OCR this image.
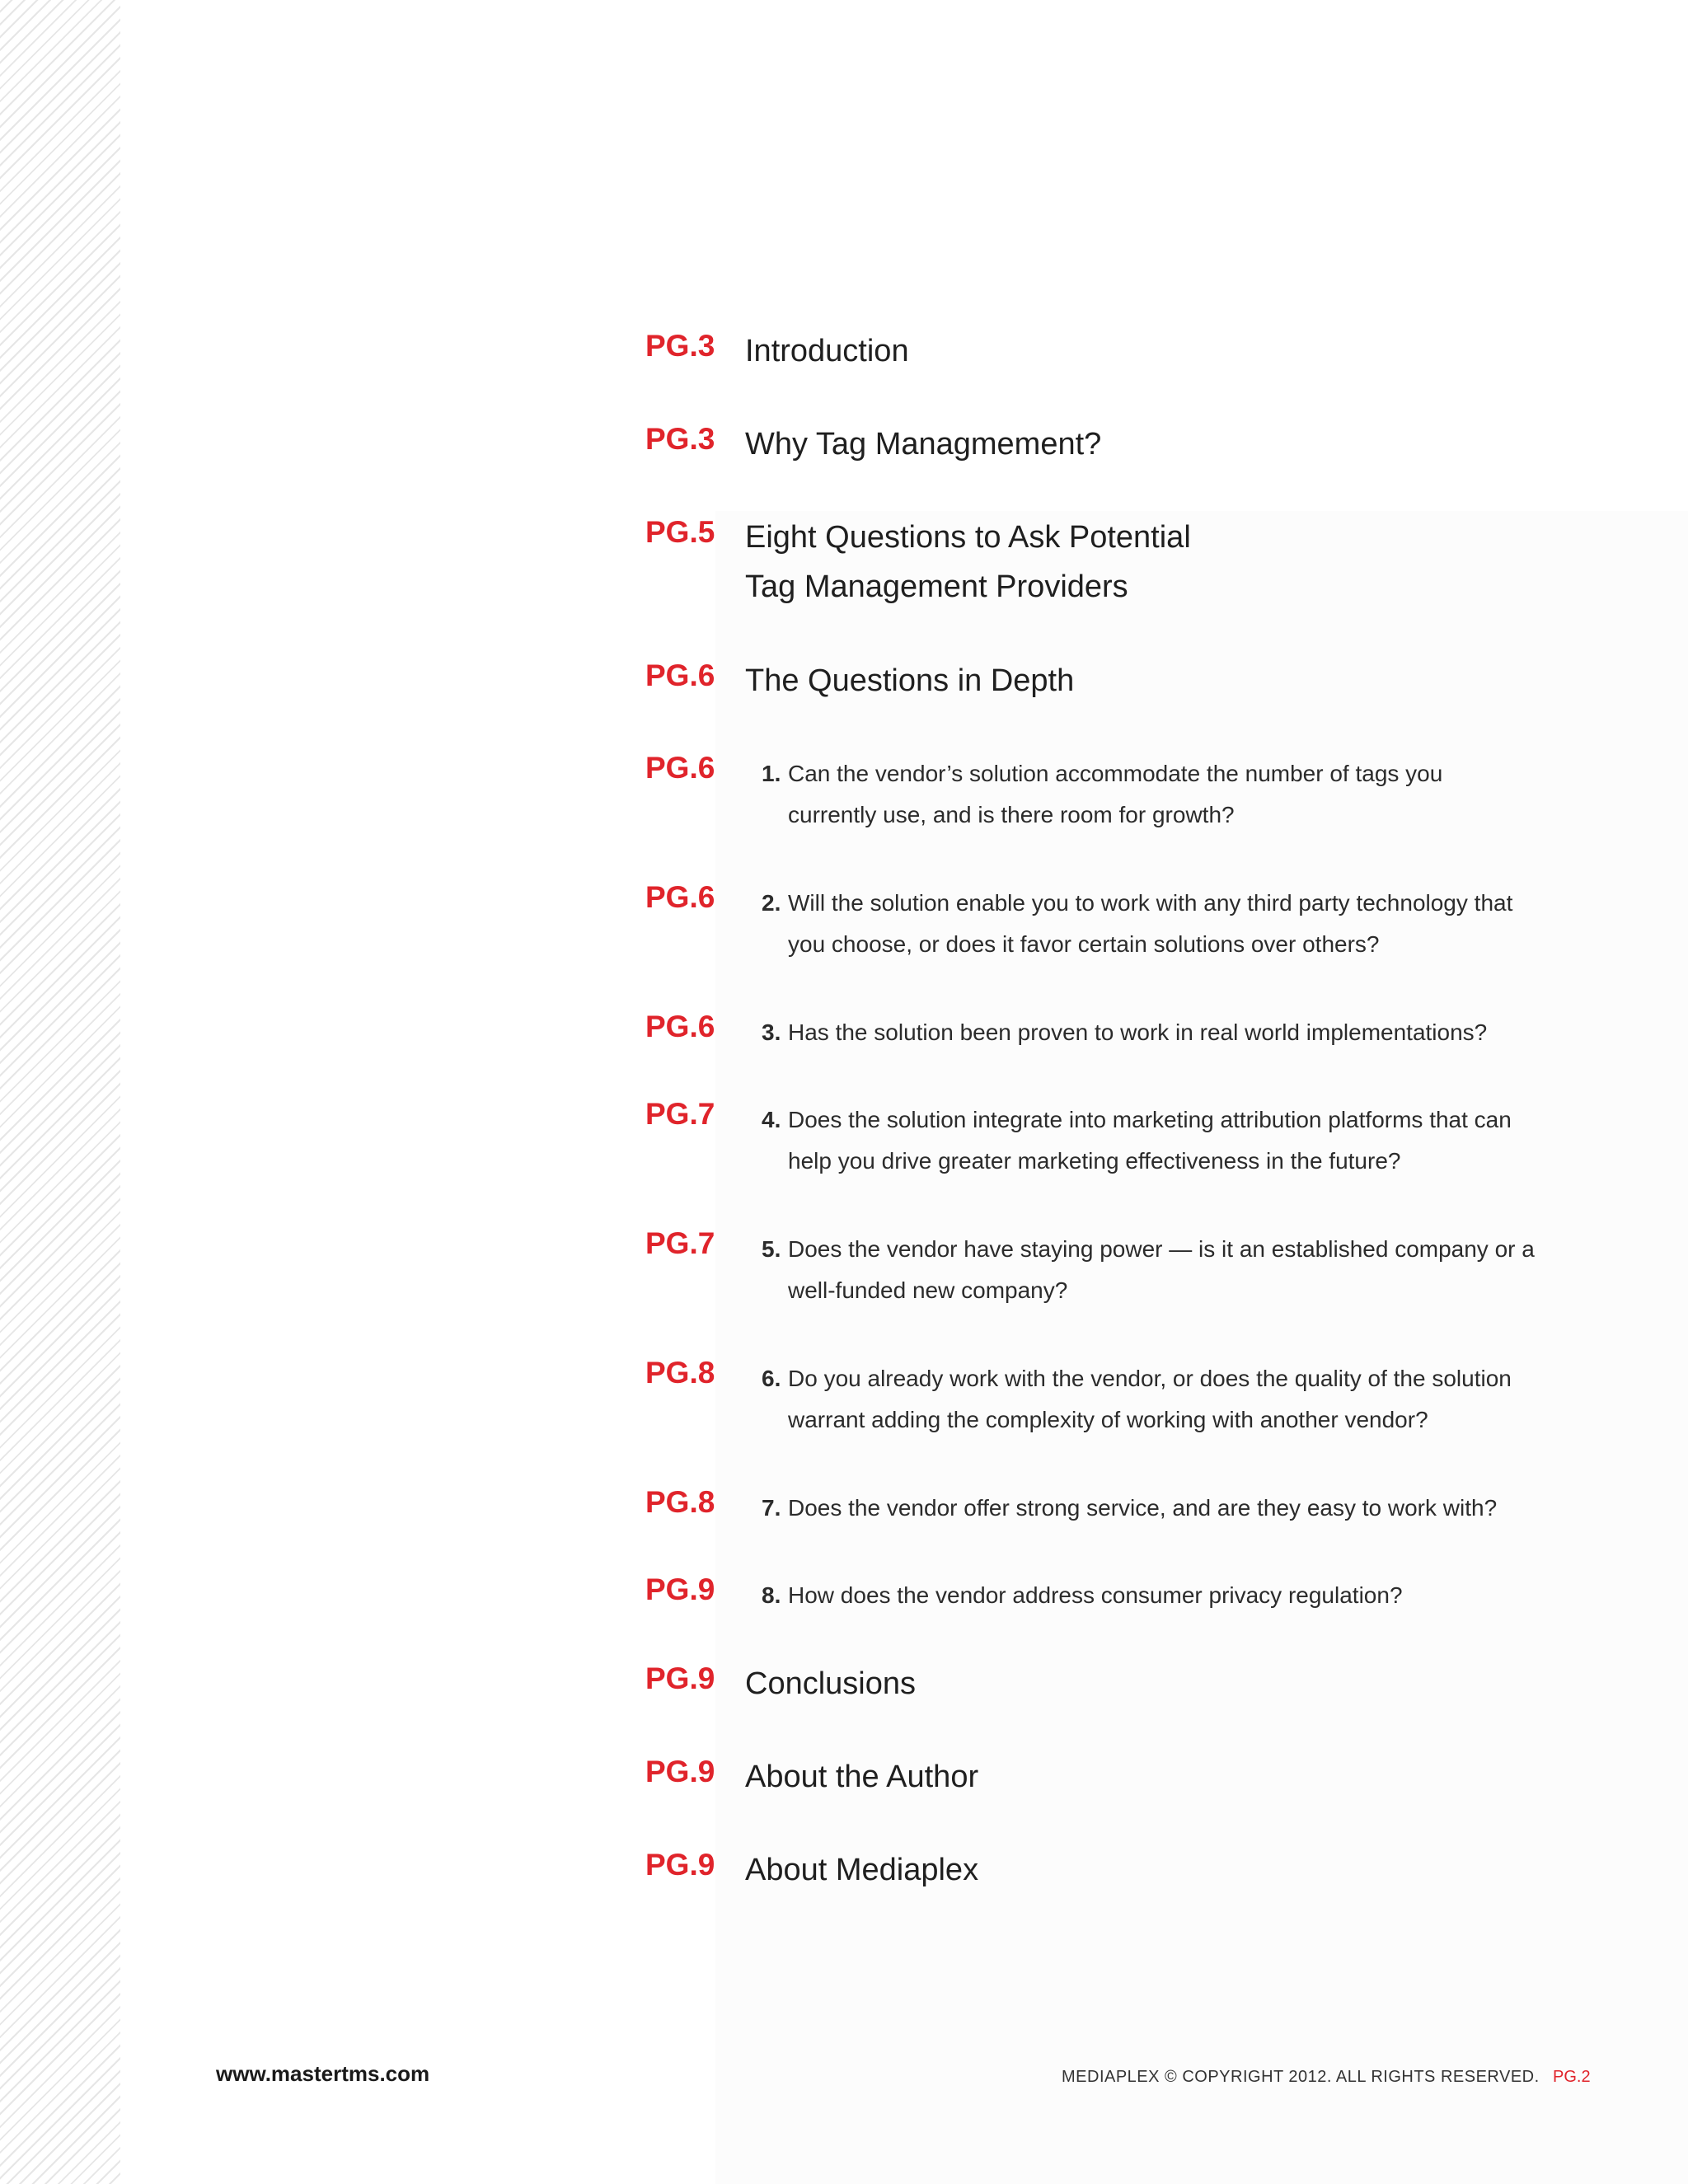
PG.3 Introduction
PG.3 Why Tag Managmement?
PG.5 Eight Questions to Ask Potential
Tag Management Providers
PG.6 The Questions in Depth
PG.6	1. Can the vendor’s solution accommodate the number of tags you currently use, and is there room for growth?
PG.6	2. Will the solution enable you to work with any third party technology that you choose, or does it favor certain solutions over others?
PG.6	3. Has the solution been proven to work in real world implementations?
PG.7	4. Does the solution integrate into marketing attribution platforms that can help you drive greater marketing effectiveness in the future?
PG.7	5. Does the vendor have staying power — is it an established company or a well-funded new company?
PG.8	6. Do you already work with the vendor, or does the quality of the solution warrant adding the complexity of working with another vendor?
PG.8	7. Does the vendor offer strong service, and are they easy to work with?
PG.9	8. How does the vendor address consumer privacy regulation?
PG.9 Conclusions
PG.9 About the Author
PG.9 About Mediaplex
www.mastertms.com	MEDIAPLEX © COPYRIGHT 2012. ALL RIGHTS RESERVED. PG.2
